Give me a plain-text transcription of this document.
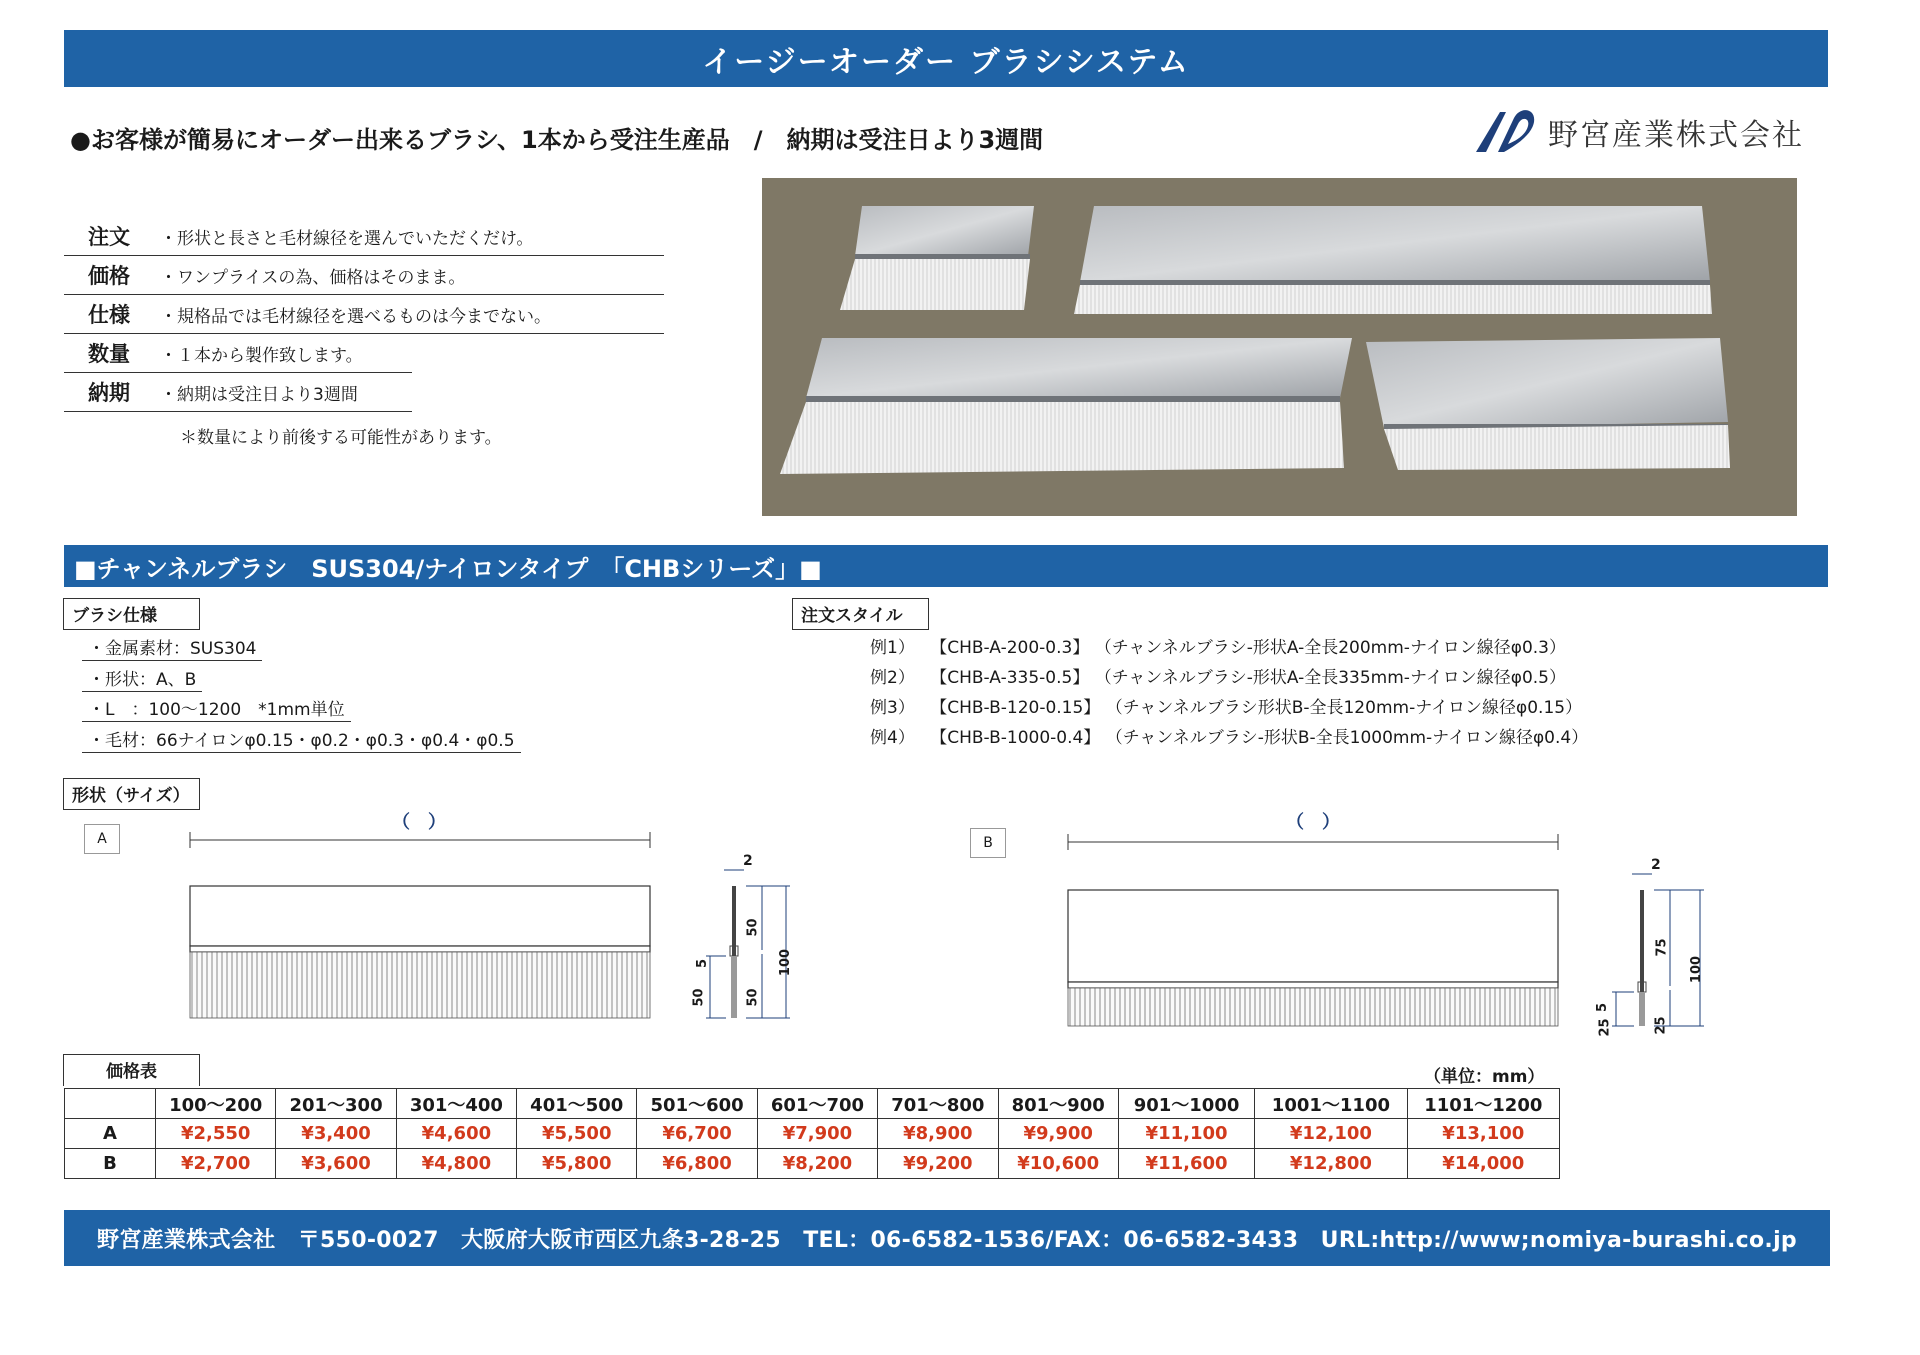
イージーオーダー ブラシシステム
●お客様が簡易にオーダー出来るブラシ、1本から受注生産品　/　納期は受注日より3週間	野宮産業株式会社
注文	・形状と長さと毛材線径を選んでいただくだけ。
価格	・ワンプライスの為、価格はそのまま。
仕様	・規格品では毛材線径を選べるものは今までない。
数量	・１本から製作致します。
納期	・納期は受注日より3週間
＊数量により前後する可能性があります。
■チャンネルブラシ　SUS304/ナイロンタイプ　「CHBシリーズ」■
ブラシ仕様
・金属素材：SUS304
・形状：A、B
・L　：100～1200　*1mm単位
・毛材：66ナイロンφ0.15・φ0.2・φ0.3・φ0.4・φ0.5
注文スタイル
例1） 【CHB-A-200-0.3】 （チャンネルブラシ-形状A-全長200mm-ナイロン線径φ0.3）
例2） 【CHB-A-335-0.5】 （チャンネルブラシ-形状A-全長335mm-ナイロン線径φ0.5）
例3） 【CHB-B-120-0.15】 （チャンネルブラシ形状B-全長120mm-ナイロン線径φ0.15）
例4） 【CHB-B-1000-0.4】 （チャンネルブラシ-形状B-全長1000mm-ナイロン線径φ0.4）
形状（サイズ）
A
（　）
2
50
100
5
50	50
B
（　）
2
75
100
5
25	25
価格表	（単位：mm）
	100～200	201～300	301～400	401～500	501～600	601～700	701～800	801～900	901～1000	1001～1100	1101～1200
A	¥2,550	¥3,400	¥4,600	¥5,500	¥6,700	¥7,900	¥8,900	¥9,900	¥11,100	¥12,100	¥13,100
B	¥2,700	¥3,600	¥4,800	¥5,800	¥6,800	¥8,200	¥9,200	¥10,600	¥11,600	¥12,800	¥14,000
野宮産業株式会社　〒550-0027　大阪府大阪市西区九条3-28-25　TEL：06-6582-1536/FAX：06-6582-3433　URL:http://www;nomiya-burashi.co.jp
